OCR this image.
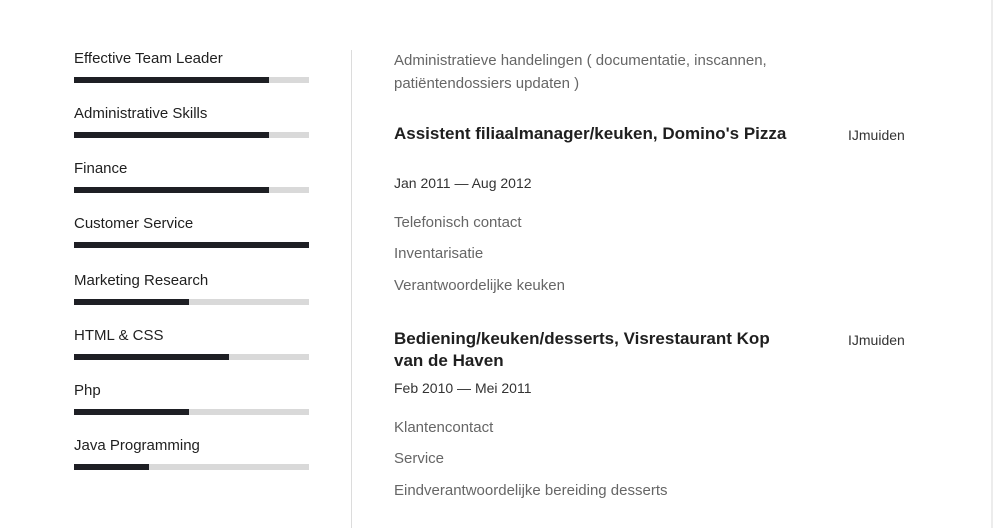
Effective Team Leader
Administrative Skills
Finance
Customer Service
Marketing Research
HTML & CSS
Php
Java Programming
Administratieve handelingen ( documentatie, inscannen, patiëntendossiers updaten )
Assistent filiaalmanager/keuken, Domino's Pizza	IJmuiden
Jan 2011 — Aug 2012
Telefonisch contact
Inventarisatie
Verantwoordelijke keuken
Bediening/keuken/desserts, Visrestaurant Kop van de Haven
IJmuiden
Feb 2010 — Mei 2011
Klantencontact
Service
Eindverantwoordelijke bereiding desserts
